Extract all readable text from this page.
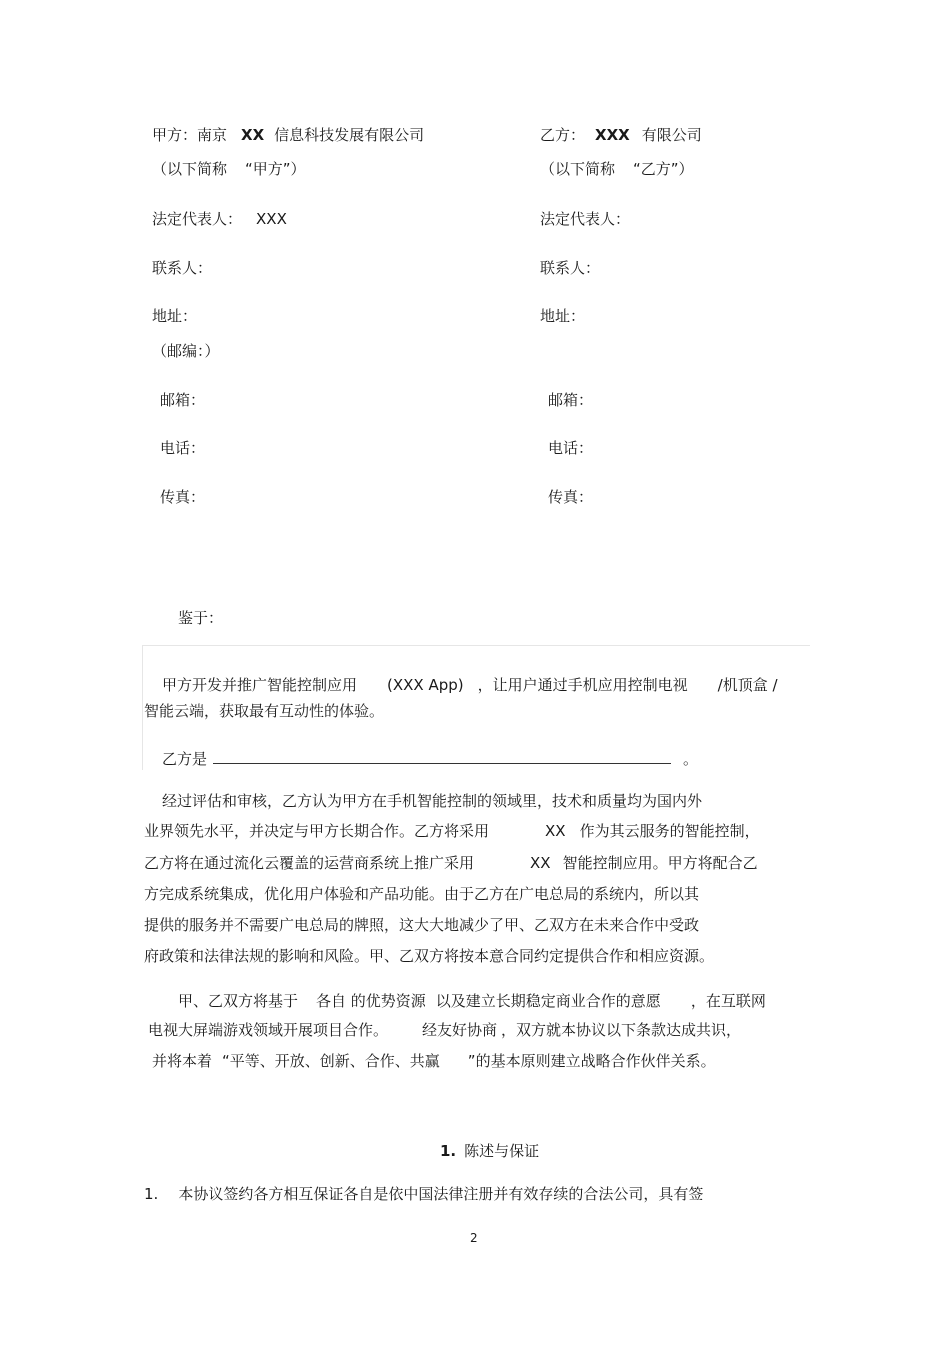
甲方：南京 XX 信息科技发展有限公司
（以下简称 “甲方”）
乙方： XXX 有限公司
（以下简称 “乙方”）
法定代表人： XXX	法定代表人：
联系人：	联系人：
地址：	地址：
（邮编：）
邮箱：	邮箱：
电话：	电话：
传真：	传真：
鉴于：
甲方开发并推广智能控制应用 (XXX App) ，让用户通过手机应用控制电视 /机顶盒 /
智能云端，获取最有互动性的体验。
乙方是	。
经过评估和审核，乙方认为甲方在手机智能控制的领域里，技术和质量均为国内外
业界领先水平，并决定与甲方长期合作。乙方将采用	XX 作为其云服务的智能控制，
乙方将在通过流化云覆盖的运营商系统上推广采用	XX 智能控制应用。甲方将配合乙
方完成系统集成，优化用户体验和产品功能。由于乙方在广电总局的系统内，所以其
提供的服务并不需要广电总局的牌照，这大大地减少了甲、乙双方在未来合作中受政
府政策和法律法规的影响和风险。甲、乙双方将按本意合同约定提供合作和相应资源。
甲、乙双方将基于 各自 的优势资源 以及建立长期稳定商业合作的意愿 ，在互联网
电视大屏端游戏领域开展项目合作。 经友好协商 ，双方就本协议以下条款达成共识，
并将本着 “平等、开放、创新、合作、共赢 ”的基本原则建立战略合作伙伴关系。
1. 陈述与保证
1. 本协议签约各方相互保证各自是依中国法律注册并有效存续的合法公司，具有签
2
